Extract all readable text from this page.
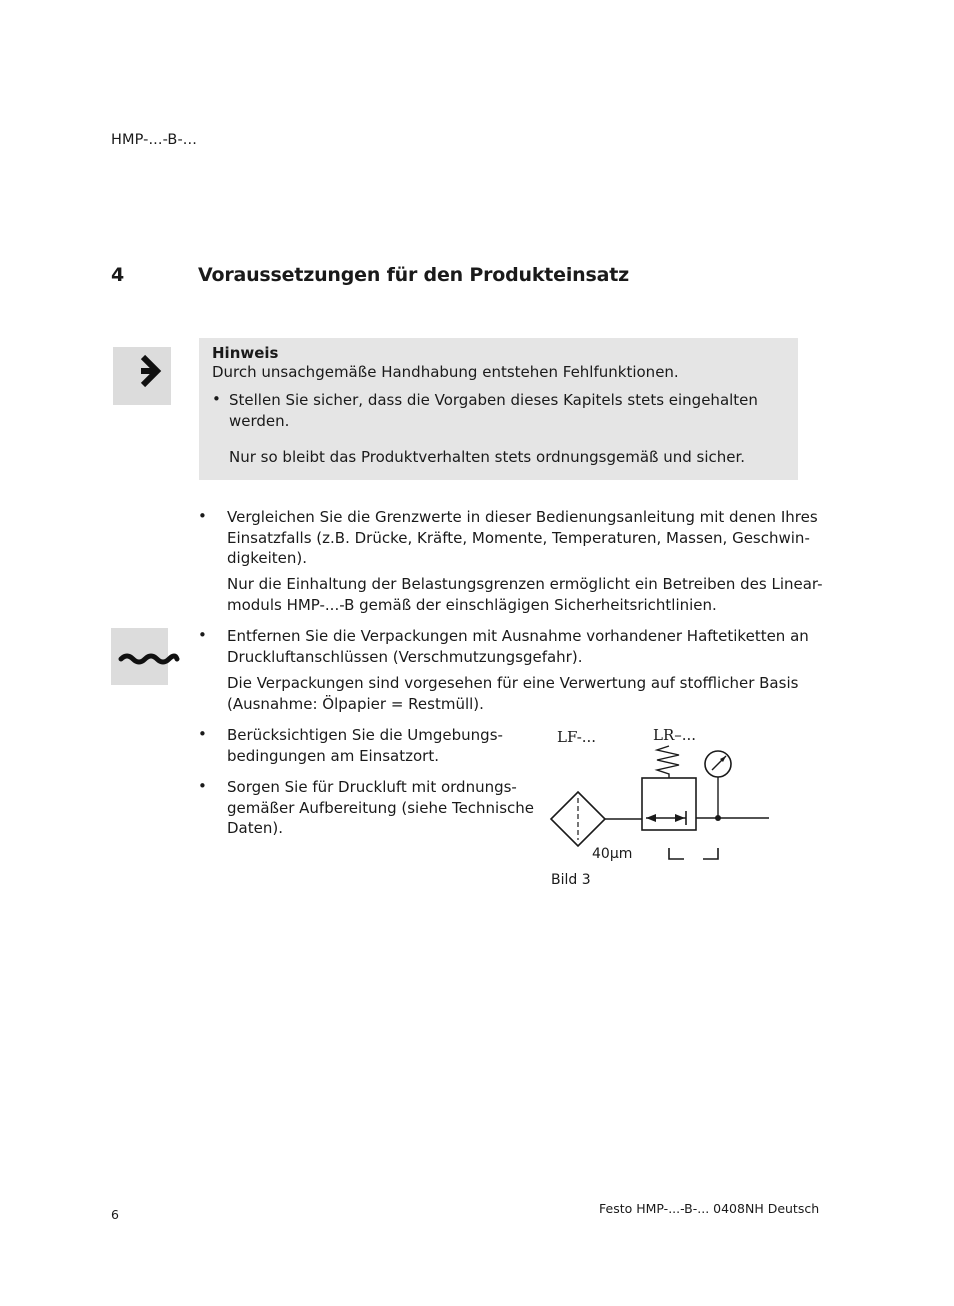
HMP-...-B-...
4	Voraussetzungen für den Produkteinsatz
Hinweis
Durch unsachgemäße Handhabung entstehen Fehlfunktionen.
• Stellen Sie sicher, dass die Vorgaben dieses Kapitels stets eingehalten
werden.
Nur so bleibt das Produktverhalten stets ordnungsgemäß und sicher.
• Vergleichen Sie die Grenzwerte in dieser Bedienungsanleitung mit denen Ihres
Einsatzfalls (z.B. Drücke, Kräfte, Momente, Temperaturen, Massen, Geschwin-
digkeiten).
Nur die Einhaltung der Belastungsgrenzen ermöglicht ein Betreiben des Linear-
moduls HMP-...-B gemäß der einschlägigen Sicherheitsrichtlinien.
• Entfernen Sie die Verpackungen mit Ausnahme vorhandener Haftetiketten an
Druckluftanschlüssen (Verschmutzungsgefahr).
Die Verpackungen sind vorgesehen für eine Verwertung auf stofflicher Basis
(Ausnahme: Ölpapier = Restmüll).
• Berücksichtigen Sie die Umgebungs-
bedingungen am Einsatzort.
• Sorgen Sie für Druckluft mit ordnungs-
gemäßer Aufbereitung (siehe Technische
Daten).
LF-...	LR–...
40µm
Bild 3
6	Festo HMP-...-B-... 0408NH Deutsch
